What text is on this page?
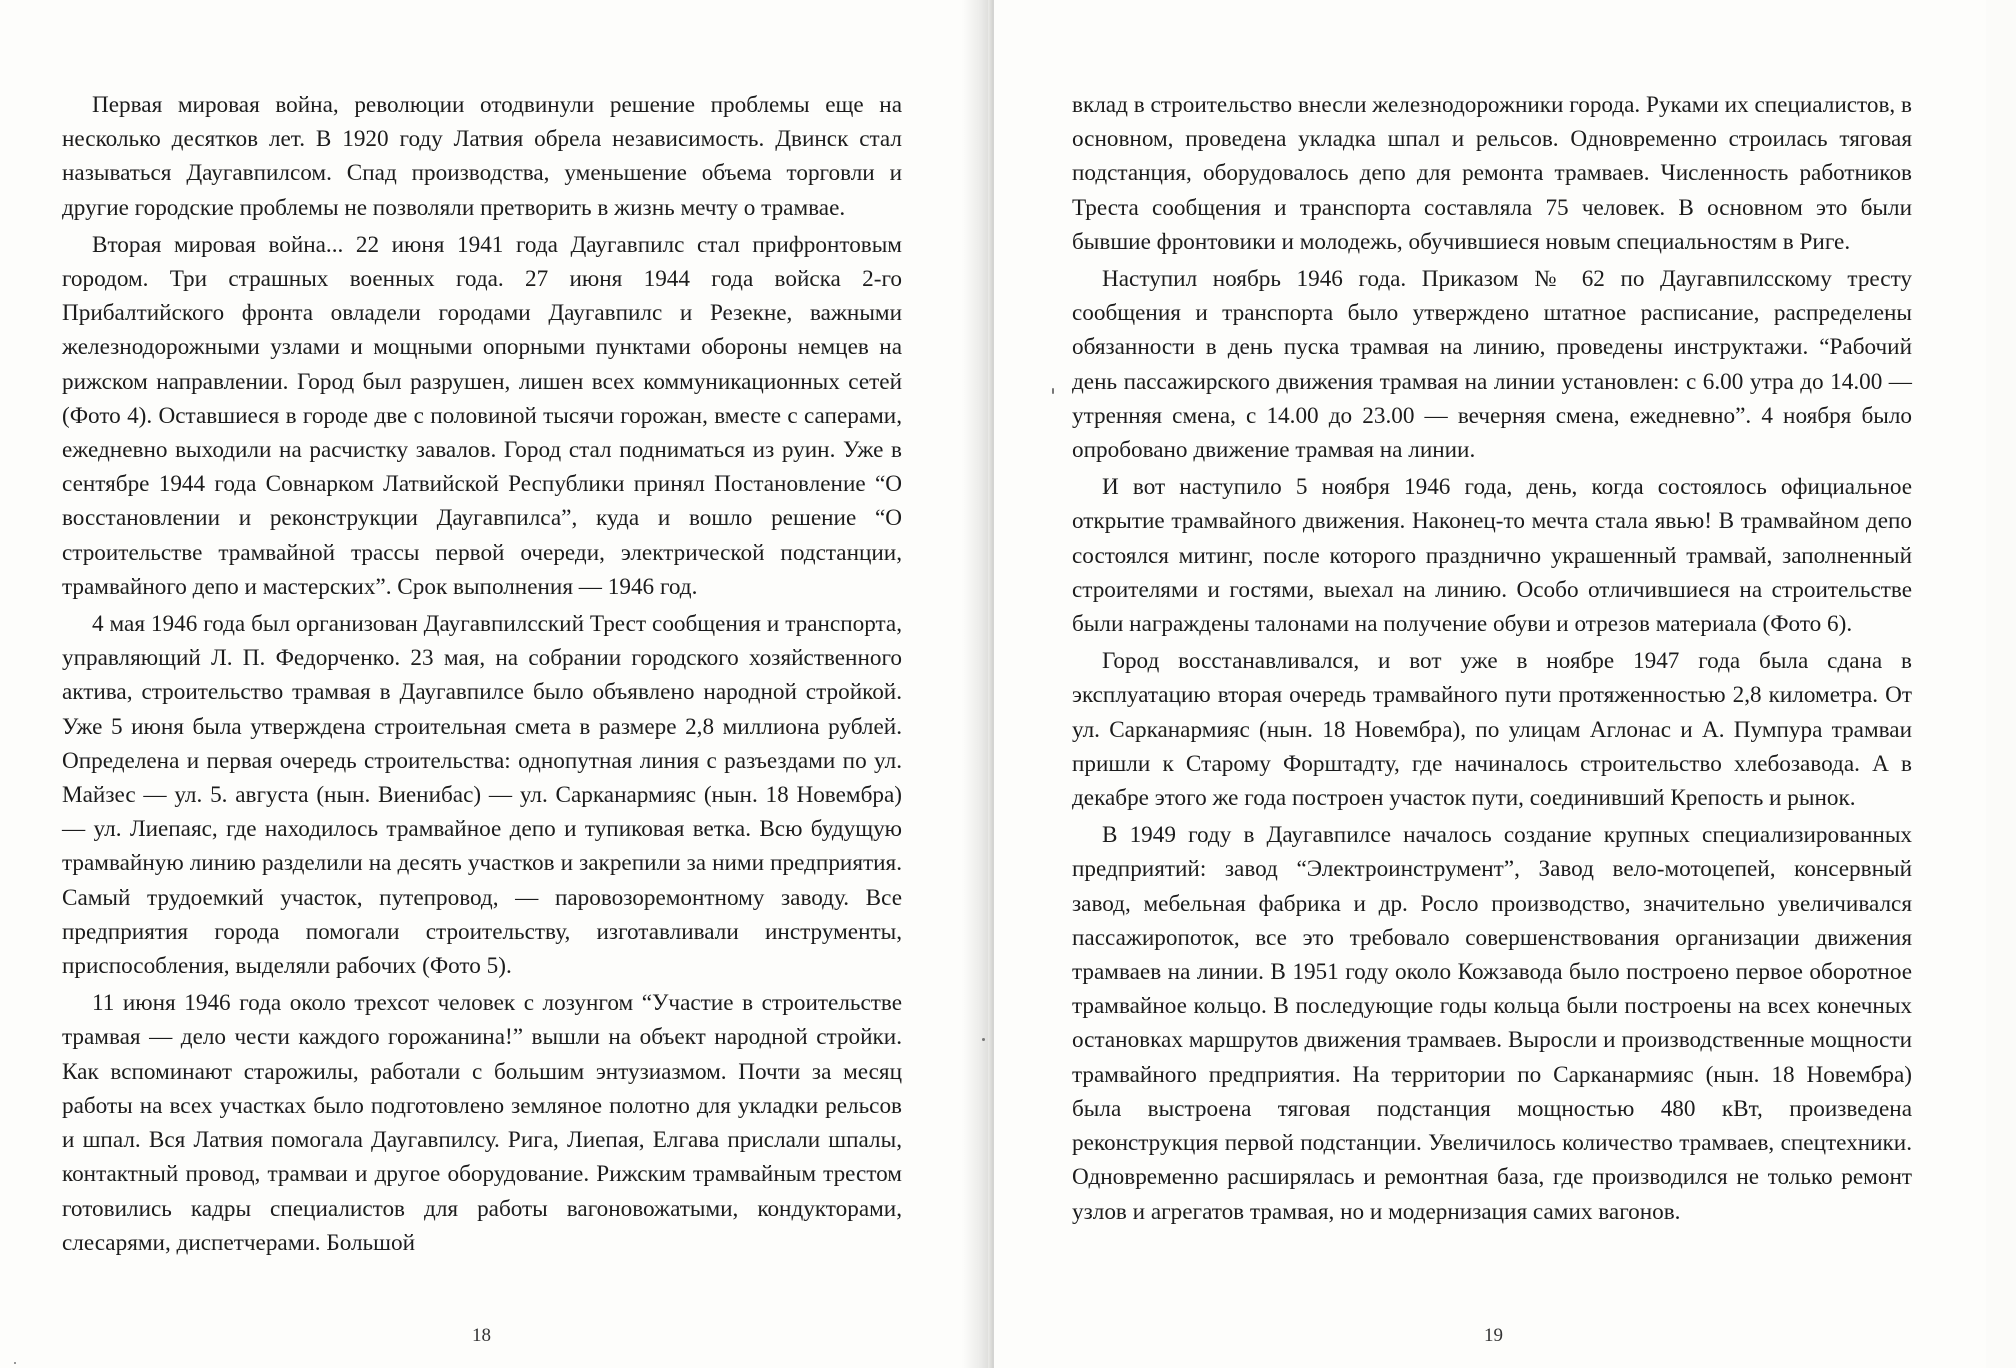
Первая мировая война, революции отодвинули решение проблемы еще на несколько десятков лет. В 1920 году Латвия обрела независимость. Двинск стал называться Даугавпилсом. Спад производства, уменьшение объема торговли и другие городские проблемы не позволяли претворить в жизнь мечту о трамвае.

Вторая мировая война... 22 июня 1941 года Даугавпилс стал прифронтовым городом. Три страшных военных года. 27 июня 1944 года войска 2-го Прибалтийского фронта овладели городами Даугавпилс и Резекне, важными железнодорожными узлами и мощными опорными пунктами обороны немцев на рижском направлении. Город был разрушен, лишен всех коммуникационных сетей (Фото 4). Оставшиеся в городе две с половиной тысячи горожан, вместе с саперами, ежедневно выходили на расчистку завалов. Город стал подниматься из руин. Уже в сентябре 1944 года Совнарком Латвийской Республики принял Постановление “О восстановлении и реконструкции Даугавпилса”, куда и вошло решение “О строительстве трамвайной трассы первой очереди, электрической подстанции, трамвайного депо и мастерских”. Срок выполнения — 1946 год.

4 мая 1946 года был организован Даугавпилсский Трест сообщения и транспорта, управляющий Л. П. Федорченко. 23 мая, на собрании городского хозяйственного актива, строительство трамвая в Даугавпилсе было объявлено народной стройкой. Уже 5 июня была утверждена строительная смета в размере 2,8 миллиона рублей. Определена и первая очередь строительства: однопутная линия с разъездами по ул. Майзес — ул. 5. августа (нын. Виенибас) — ул. Сарканармияс (нын. 18 Новембра) — ул. Лиепаяс, где находилось трамвайное депо и тупиковая ветка. Всю будущую трамвайную линию разделили на десять участков и закрепили за ними предприятия. Самый трудоемкий участок, путепровод, — паровозоремонтному заводу. Все предприятия города помогали строительству, изготавливали инструменты, приспособления, выделяли рабочих (Фото 5).

11 июня 1946 года около трехсот человек с лозунгом “Участие в строительстве трамвая — дело чести каждого горожанина!” вышли на объект народной стройки. Как вспоминают старожилы, работали с большим энтузиазмом. Почти за месяц работы на всех участках было подготовлено земляное полотно для укладки рельсов и шпал. Вся Латвия помогала Даугавпилсу. Рига, Лиепая, Елгава прислали шпалы, контактный провод, трамваи и другое оборудование. Рижским трамвайным трестом готовились кадры специалистов для работы вагоновожатыми, кондукторами, слесарями, диспетчерами. Большой

18

вклад в строительство внесли железнодорожники города. Руками их специалистов, в основном, проведена укладка шпал и рельсов. Одновременно строилась тяговая подстанция, оборудовалось депо для ремонта трамваев. Численность работников Треста сообщения и транспорта составляла 75 человек. В основном это были бывшие фронтовики и молодежь, обучившиеся новым специальностям в Риге.

Наступил ноябрь 1946 года. Приказом № 62 по Даугавпилсскому тресту сообщения и транспорта было утверждено штатное расписание, распределены обязанности в день пуска трамвая на линию, проведены инструктажи. “Рабочий день пассажирского движения трамвая на линии установлен: с 6.00 утра до 14.00 — утренняя смена, с 14.00 до 23.00 — вечерняя смена, ежедневно”. 4 ноября было опробовано движение трамвая на линии.

И вот наступило 5 ноября 1946 года, день, когда состоялось официальное открытие трамвайного движения. Наконец-то мечта стала явью! В трамвайном депо состоялся митинг, после которого празднично украшенный трамвай, заполненный строителями и гостями, выехал на линию. Особо отличившиеся на строительстве были награждены талонами на получение обуви и отрезов материала (Фото 6).

Город восстанавливался, и вот уже в ноябре 1947 года была сдана в эксплуатацию вторая очередь трамвайного пути протяженностью 2,8 километра. От ул. Сарканармияс (нын. 18 Новембра), по улицам Аглонас и А. Пумпура трамваи пришли к Старому Форштадту, где начиналось строительство хлебозавода. А в декабре этого же года построен участок пути, соединивший Крепость и рынок.

В 1949 году в Даугавпилсе началось создание крупных специализированных предприятий: завод “Электроинструмент”, Завод вело-мотоцепей, консервный завод, мебельная фабрика и др. Росло производство, значительно увеличивался пассажиропоток, все это требовало совершенствования организации движения трамваев на линии. В 1951 году около Кожзавода было построено первое оборотное трамвайное кольцо. В последующие годы кольца были построены на всех конечных остановках маршрутов движения трамваев. Выросли и производственные мощности трамвайного предприятия. На территории по Сарканармияс (нын. 18 Новембра) была выстроена тяговая подстанция мощностью 480 кВт, произведена реконструкция первой подстанции. Увеличилось количество трамваев, спецтехники. Одновременно расширялась и ремонтная база, где производился не только ремонт узлов и агрегатов трамвая, но и модернизация самих вагонов.

19
